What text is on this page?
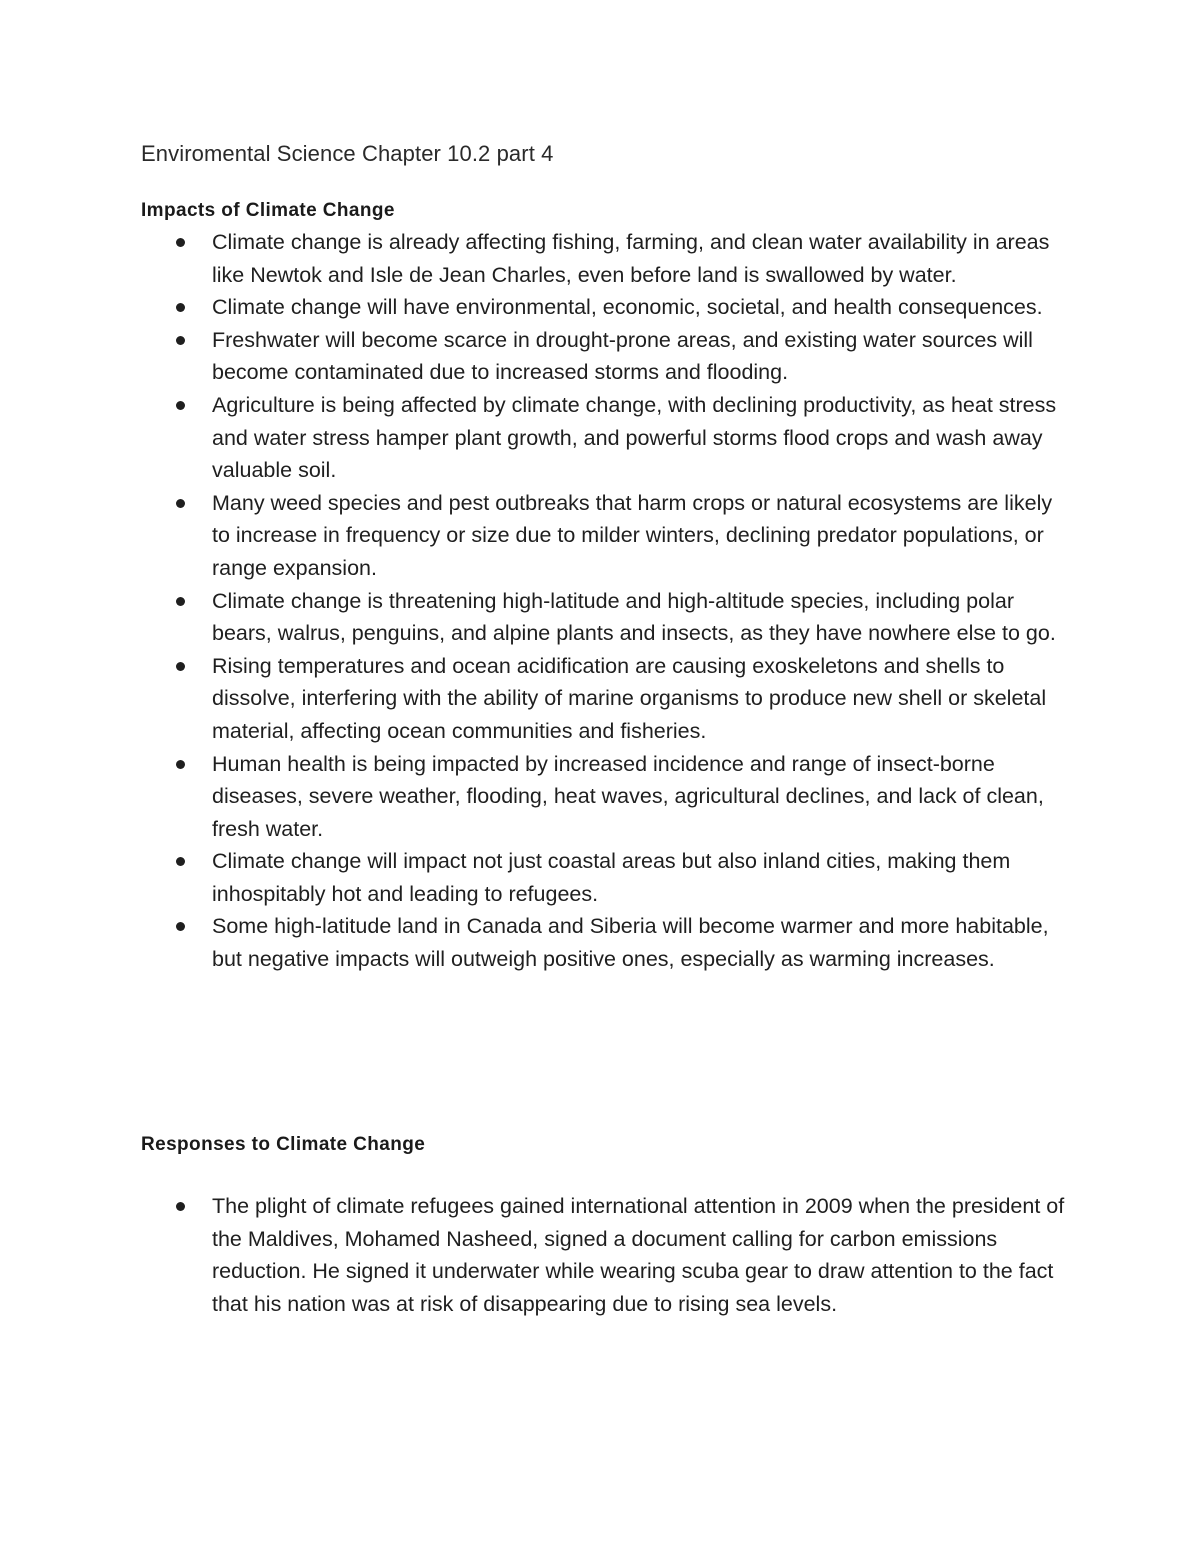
Enviromental Science Chapter 10.2 part 4
Impacts of Climate Change
Climate change is already affecting fishing, farming, and clean water availability in areas like Newtok and Isle de Jean Charles, even before land is swallowed by water.
Climate change will have environmental, economic, societal, and health consequences.
Freshwater will become scarce in drought-prone areas, and existing water sources will become contaminated due to increased storms and flooding.
Agriculture is being affected by climate change, with declining productivity, as heat stress and water stress hamper plant growth, and powerful storms flood crops and wash away valuable soil.
Many weed species and pest outbreaks that harm crops or natural ecosystems are likely to increase in frequency or size due to milder winters, declining predator populations, or range expansion.
Climate change is threatening high-latitude and high-altitude species, including polar bears, walrus, penguins, and alpine plants and insects, as they have nowhere else to go.
Rising temperatures and ocean acidification are causing exoskeletons and shells to dissolve, interfering with the ability of marine organisms to produce new shell or skeletal material, affecting ocean communities and fisheries.
Human health is being impacted by increased incidence and range of insect-borne diseases, severe weather, flooding, heat waves, agricultural declines, and lack of clean, fresh water.
Climate change will impact not just coastal areas but also inland cities, making them inhospitably hot and leading to refugees.
Some high-latitude land in Canada and Siberia will become warmer and more habitable, but negative impacts will outweigh positive ones, especially as warming increases.
Responses to Climate Change
The plight of climate refugees gained international attention in 2009 when the president of the Maldives, Mohamed Nasheed, signed a document calling for carbon emissions reduction. He signed it underwater while wearing scuba gear to draw attention to the fact that his nation was at risk of disappearing due to rising sea levels.
